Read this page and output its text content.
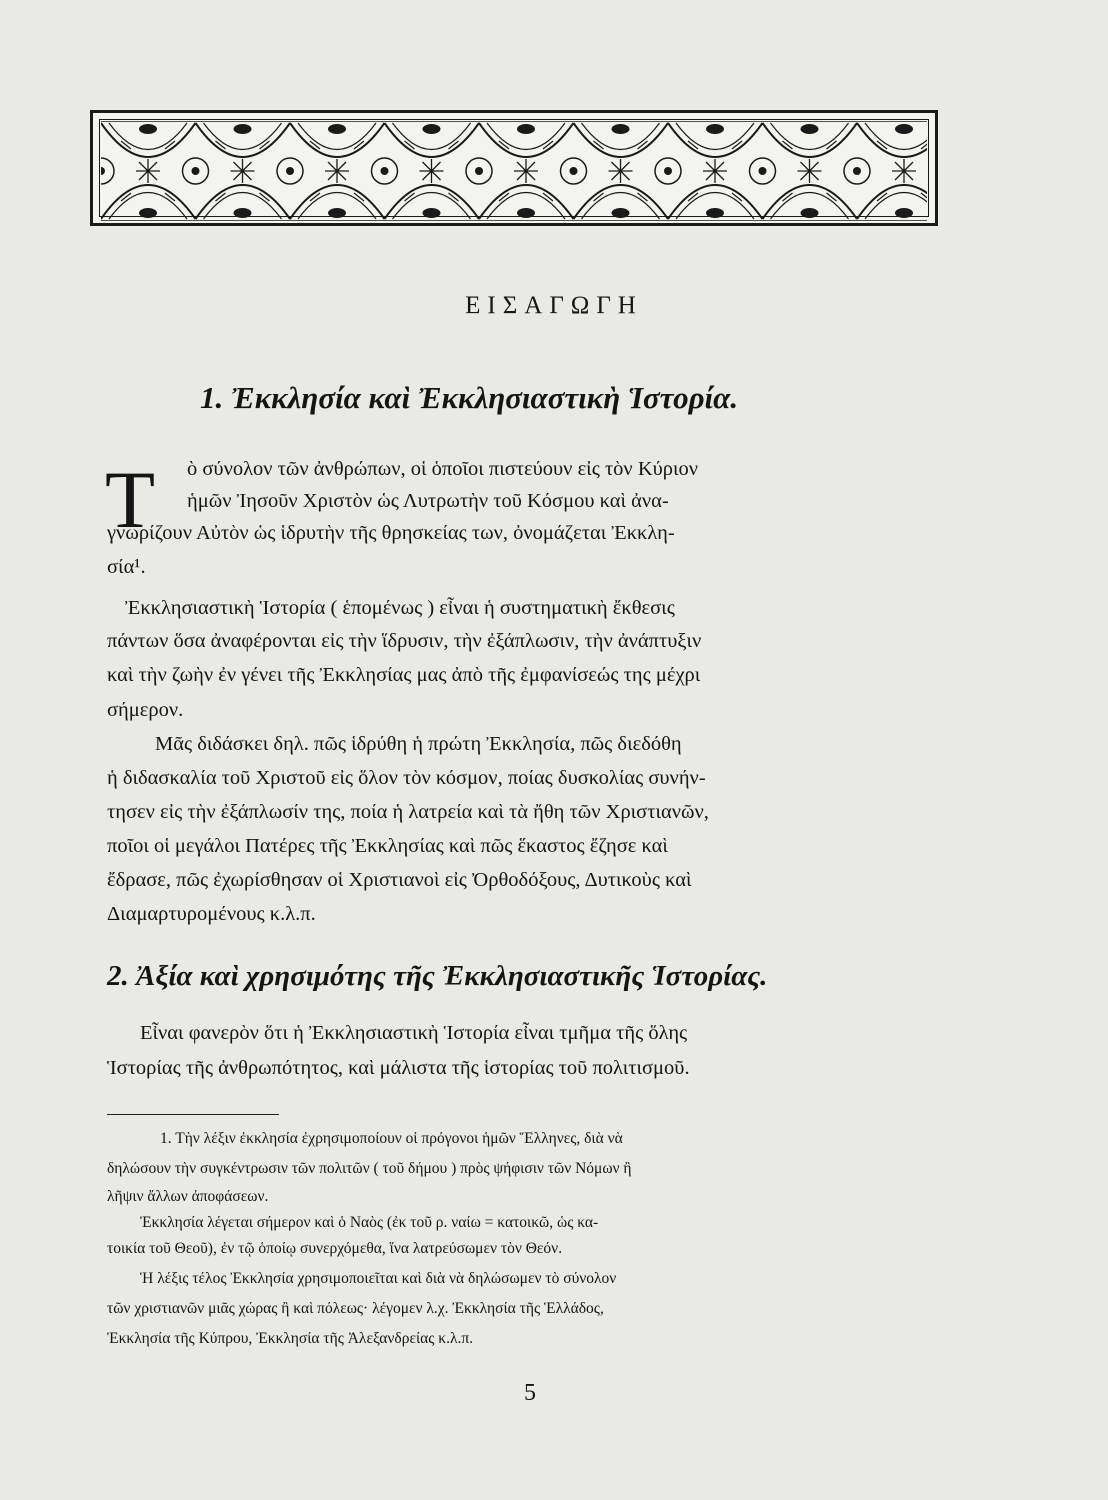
ΕΙΣΑΓΩΓΗ
1. Ἐκκλησία καὶ Ἐκκλησιαστικὴ Ἱστορία.
Τ ὸ σύνολον τῶν ἀνθρώπων, οἱ ὁποῖοι πιστεύουν εἰς τὸν Κύριον
ἡμῶν Ἰησοῦν Χριστὸν ὡς Λυτρωτὴν τοῦ Κόσμου καὶ ἀνα-
γνωρίζουν Αὐτὸν ὡς ἱδρυτὴν τῆς θρησκείας των, ὀνομάζεται Ἐκκλη-
σία¹.
Ἐκκλησιαστικὴ Ἱστορία ( ἑπομένως ) εἶναι ἡ συστηματικὴ ἔκθεσις
πάντων ὅσα ἀναφέρονται εἰς τὴν ἵδρυσιν, τὴν ἐξάπλωσιν, τὴν ἀνάπτυξιν
καὶ τὴν ζωὴν ἐν γένει τῆς Ἐκκλησίας μας ἀπὸ τῆς ἐμφανίσεώς της μέχρι
σήμερον.
Μᾶς διδάσκει δηλ. πῶς ἱδρύθη ἡ πρώτη Ἐκκλησία, πῶς διεδόθη
ἡ διδασκαλία τοῦ Χριστοῦ εἰς ὅλον τὸν κόσμον, ποίας δυσκολίας συνήν-
τησεν εἰς τὴν ἐξάπλωσίν της, ποία ἡ λατρεία καὶ τὰ ἤθη τῶν Χριστιανῶν,
ποῖοι οἱ μεγάλοι Πατέρες τῆς Ἐκκλησίας καὶ πῶς ἕκαστος ἔζησε καὶ
ἔδρασε, πῶς ἐχωρίσθησαν οἱ Χριστιανοὶ εἰς Ὀρθοδόξους, Δυτικοὺς καὶ
Διαμαρτυρομένους κ.λ.π.
2. Ἀξία καὶ χρησιμότης τῆς Ἐκκλησιαστικῆς Ἱστορίας.
Εἶναι φανερὸν ὅτι ἡ Ἐκκλησιαστικὴ Ἱστορία εἶναι τμῆμα τῆς ὅλης
Ἱστορίας τῆς ἀνθρωπότητος, καὶ μάλιστα τῆς ἱστορίας τοῦ πολιτισμοῦ.
1. Τὴν λέξιν ἐκκλησία ἐχρησιμοποίουν οἱ πρόγονοι ἡμῶν Ἕλληνες, διὰ νὰ
δηλώσουν τὴν συγκέντρωσιν τῶν πολιτῶν ( τοῦ δήμου ) πρὸς ψήφισιν τῶν Νόμων ἢ
λῆψιν ἄλλων ἀποφάσεων.
Ἐκκλησία λέγεται σήμερον καὶ ὁ Ναὸς (ἐκ τοῦ ρ. ναίω = κατοικῶ, ὡς κα-
τοικία τοῦ Θεοῦ), ἐν τῷ ὁποίῳ συνερχόμεθα, ἵνα λατρεύσωμεν τὸν Θεόν.
Ἡ λέξις τέλος Ἐκκλησία χρησιμοποιεῖται καὶ διὰ νὰ δηλώσωμεν τὸ σύνολον
τῶν χριστιανῶν μιᾶς χώρας ἢ καὶ πόλεως· λέγομεν λ.χ. Ἐκκλησία τῆς Ἑλλάδος,
Ἐκκλησία τῆς Κύπρου, Ἐκκλησία τῆς Ἀλεξανδρείας κ.λ.π.
5
